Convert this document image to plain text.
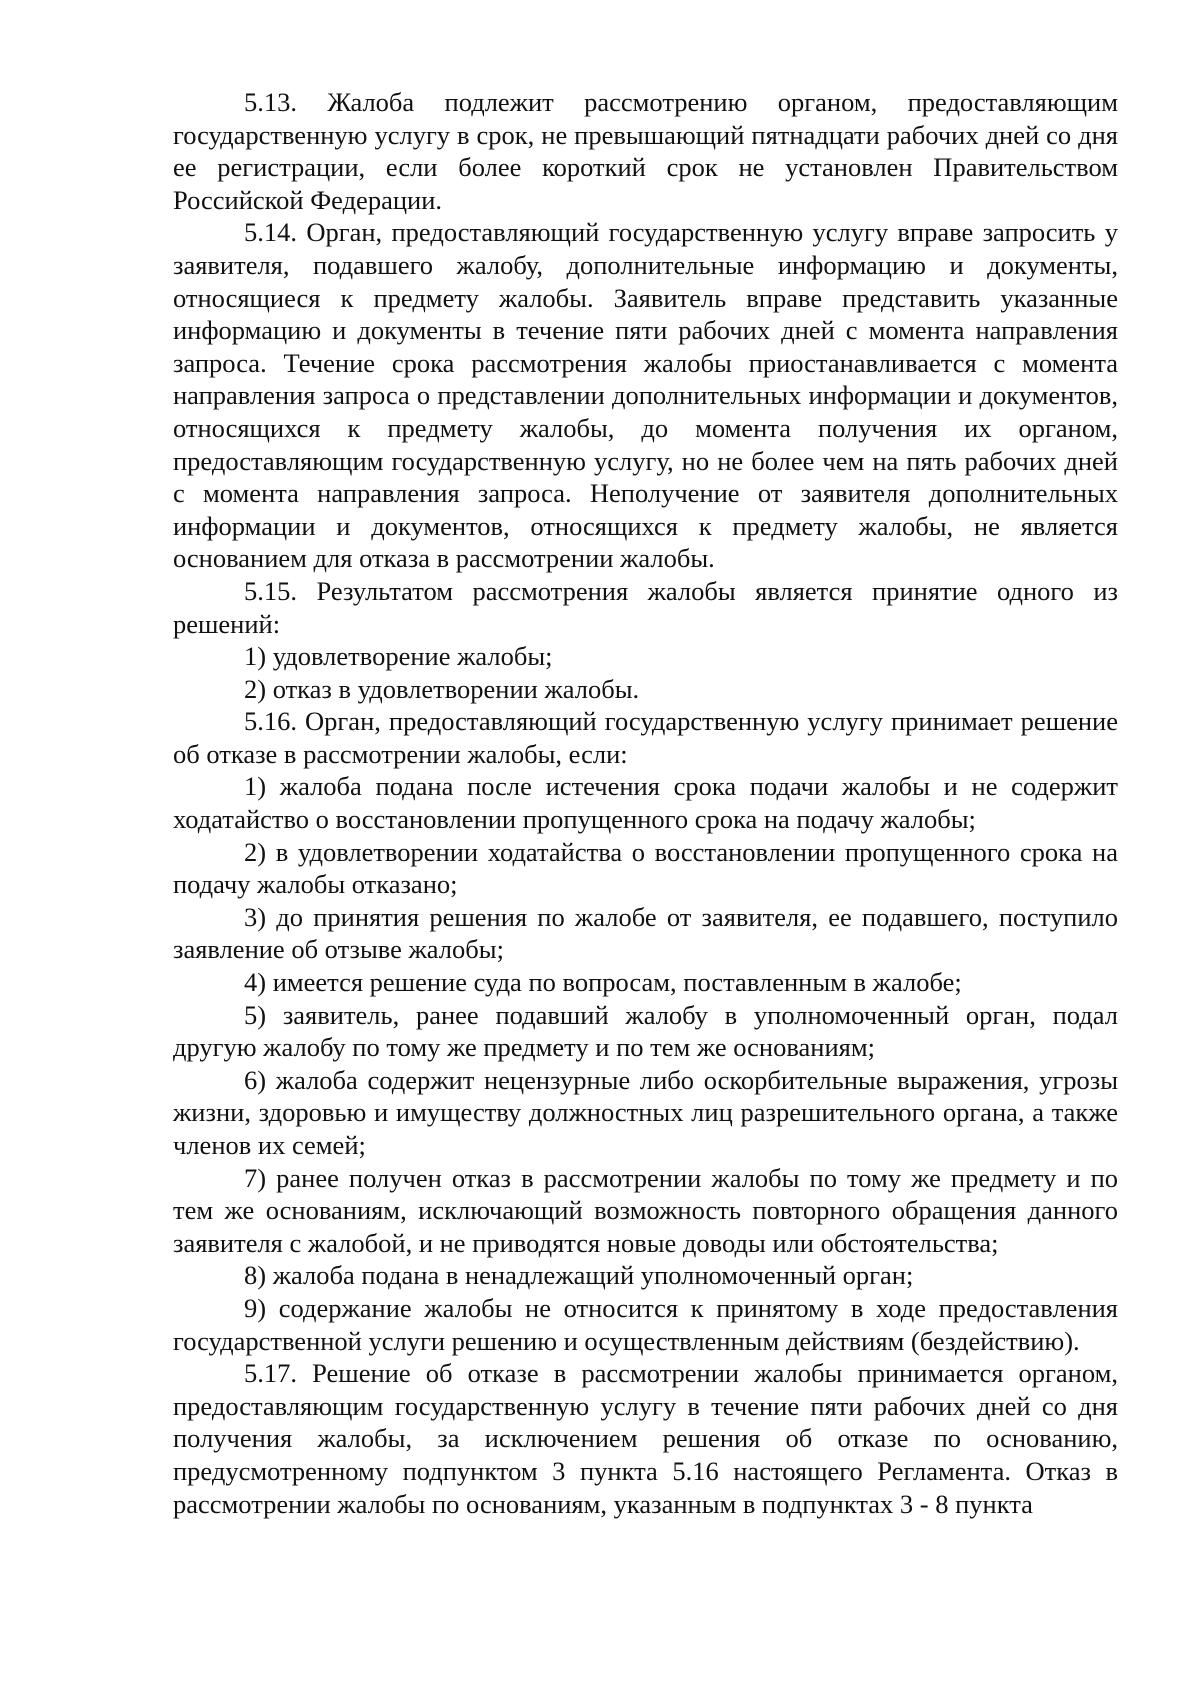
5.13. Жалоба подлежит рассмотрению органом, предоставляющим государственную услугу в срок, не превышающий пятнадцати рабочих дней со дня ее регистрации, если более короткий срок не установлен Правительством Российской Федерации.

5.14. Орган, предоставляющий государственную услугу вправе запросить у заявителя, подавшего жалобу, дополнительные информацию и документы, относящиеся к предмету жалобы. Заявитель вправе представить указанные информацию и документы в течение пяти рабочих дней с момента направления запроса. Течение срока рассмотрения жалобы приостанавливается с момента направления запроса о представлении дополнительных информации и документов, относящихся к предмету жалобы, до момента получения их органом, предоставляющим государственную услугу, но не более чем на пять рабочих дней с момента направления запроса. Неполучение от заявителя дополнительных информации и документов, относящихся к предмету жалобы, не является основанием для отказа в рассмотрении жалобы.

5.15. Результатом рассмотрения жалобы является принятие одного из решений:

1) удовлетворение жалобы;

2) отказ в удовлетворении жалобы.

5.16. Орган, предоставляющий государственную услугу принимает решение об отказе в рассмотрении жалобы, если:

1) жалоба подана после истечения срока подачи жалобы и не содержит ходатайство о восстановлении пропущенного срока на подачу жалобы;

2) в удовлетворении ходатайства о восстановлении пропущенного срока на подачу жалобы отказано;

3) до принятия решения по жалобе от заявителя, ее подавшего, поступило заявление об отзыве жалобы;

4) имеется решение суда по вопросам, поставленным в жалобе;

5) заявитель, ранее подавший жалобу в уполномоченный орган, подал другую жалобу по тому же предмету и по тем же основаниям;

6) жалоба содержит нецензурные либо оскорбительные выражения, угрозы жизни, здоровью и имуществу должностных лиц разрешительного органа, а также членов их семей;

7) ранее получен отказ в рассмотрении жалобы по тому же предмету и по тем же основаниям, исключающий возможность повторного обращения данного заявителя с жалобой, и не приводятся новые доводы или обстоятельства;

8) жалоба подана в ненадлежащий уполномоченный орган;

9) содержание жалобы не относится к принятому в ходе предоставления государственной услуги решению и осуществленным действиям (бездействию).

5.17. Решение об отказе в рассмотрении жалобы принимается органом, предоставляющим государственную услугу в течение пяти рабочих дней со дня получения жалобы, за исключением решения об отказе по основанию, предусмотренному подпунктом 3 пункта 5.16 настоящего Регламента. Отказ в рассмотрении жалобы по основаниям, указанным в подпунктах 3 - 8 пункта
